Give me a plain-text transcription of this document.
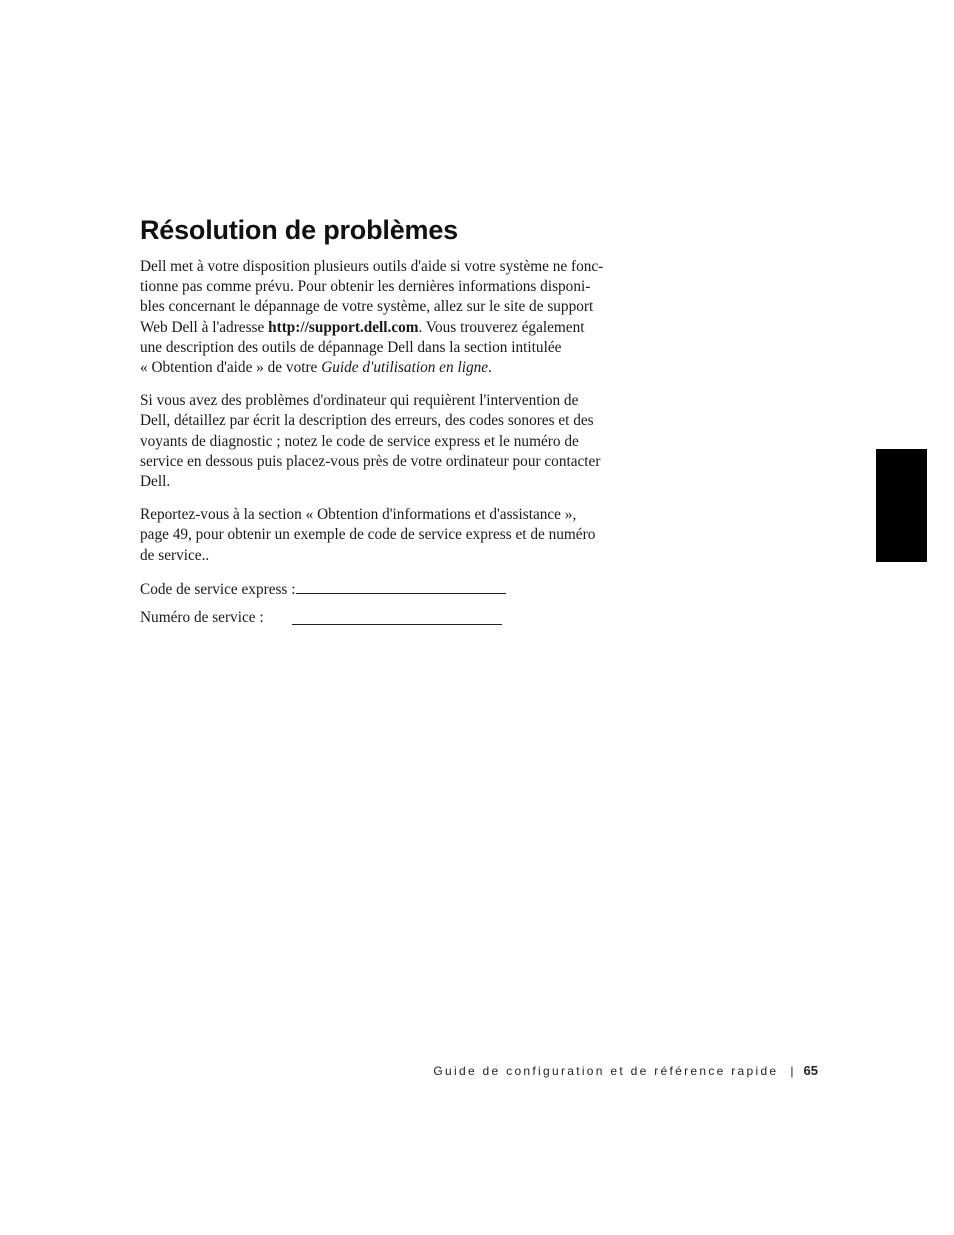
Résolution de problèmes

Dell met à votre disposition plusieurs outils d'aide si votre système ne fonc-
tionne pas comme prévu. Pour obtenir les dernières informations disponi-
bles concernant le dépannage de votre système, allez sur le site de support
Web Dell à l'adresse http://support.dell.com. Vous trouverez également
une description des outils de dépannage Dell dans la section intitulée
« Obtention d'aide » de votre Guide d'utilisation en ligne.

Si vous avez des problèmes d'ordinateur qui requièrent l'intervention de
Dell, détaillez par écrit la description des erreurs, des codes sonores et des
voyants de diagnostic ; notez le code de service express et le numéro de
service en dessous puis placez-vous près de votre ordinateur pour contacter
Dell.

Reportez-vous à la section « Obtention d'informations et d'assistance »,
page 49, pour obtenir un exemple de code de service express et de numéro
de service..

Code de service express :
Numéro de service :
Guide de configuration et de référence rapide | 65
